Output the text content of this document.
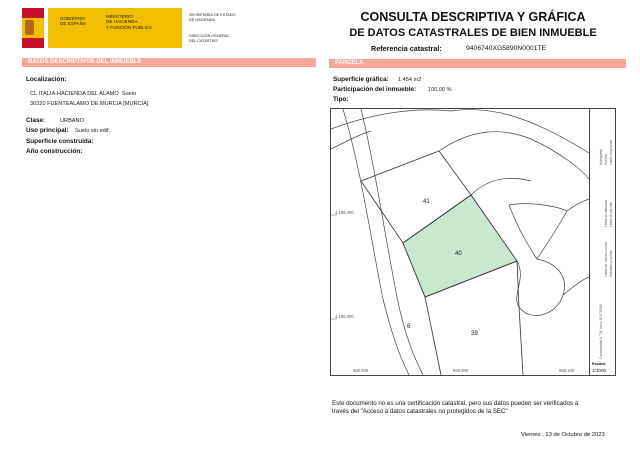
GOBIERNO
DE ESPAÑA
MINISTERIO
DE HACIENDA
Y FUNCIÓN PÚBLICA
SECRETARÍA DE ESTADO
DE HACIENDA
DIRECCIÓN GENERAL
DEL CATASTRO
CONSULTA DESCRIPTIVA Y GRÁFICA
DE DATOS CATASTRALES DE BIEN INMUEBLE
Referencia catastral:	9406740XG5890N0001TE
DATOS DESCRIPTIVOS DEL INMUEBLE
Localización:
CL ITALIA-HACIENDA DEL ALAMO Suelo
30320 FUENTEALAMO DE MURCIA [MURCIA]
Clase:	URBANO
Uso principal: Suelo sin edif.
Superficie construida:
Año construcción:
PARCELA
Superficie gráfica: 1.454 m2
Participación del inmueble: 100,00 %
Tipo:
41
40
6
39
4.186.400
4.186.300
658.000	658.000	658.100
Parcela
Límite de manzana Límite de parcela
Límite de construcciones Mobiliario y aceras
Límite zona verde
Hidrografía
Coordenadas U.T.M. Huso 30 ETRS89
Escala:
1/1000
Este documento no es una certificación catastral, pero sus datos pueden ser verificados a
través del "Acceso a datos catastrales no protegidos de la SEC"
Viernes , 13 de Octubre de 2023
